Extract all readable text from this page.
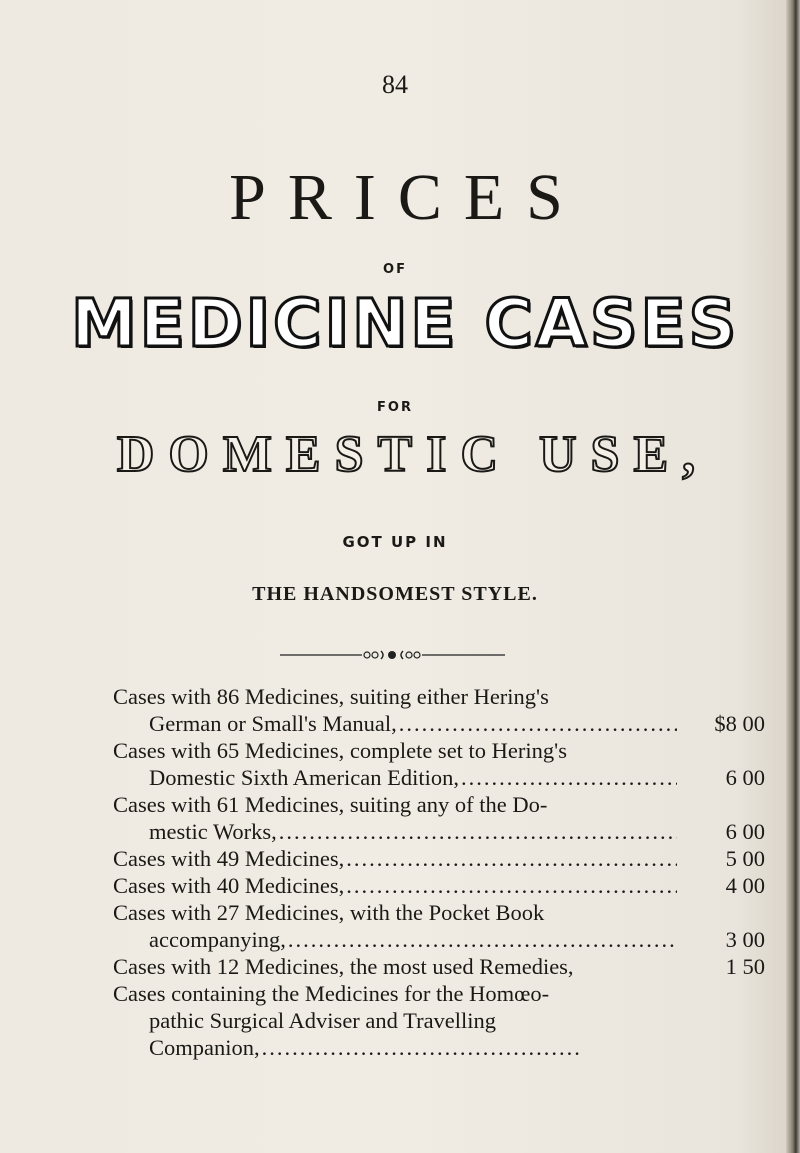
84
PRICES
OF
MEDICINE CASES
FOR
DOMESTIC USE,
GOT UP IN
THE HANDSOMEST STYLE.
Cases with 86 Medicines, suiting either Hering's
German or Small's Manual, .....	$8 00
Cases with 65 Medicines, complete set to Hering's
Domestic Sixth American Edition, .....	6 00
Cases with 61 Medicines, suiting any of the Do-
mestic Works, .....	6 00
Cases with 49 Medicines, .....	5 00
Cases with 40 Medicines, .....	4 00
Cases with 27 Medicines, with the Pocket Book
accompanying, .....	3 00
Cases with 12 Medicines, the most used Remedies,	1 50
Cases containing the Medicines for the Homœo-
pathic Surgical Adviser and Travelling
Companion,
.....
